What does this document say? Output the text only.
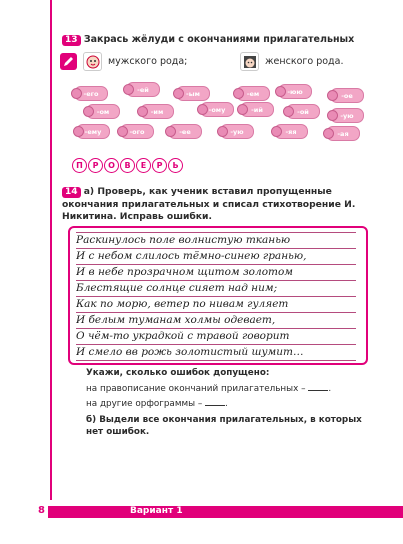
13 Закрась жёлуди с окончаниями прилагательных
мужского рода;	женского рода.
-его	-ей	-ым	-ем	-юю	-ое
-ом	-им	-ому	-ий	-ой	-ую
-ему	-ого	-ее	-ую	-яя	-ая
П	Р	О	В	Е	Р	Ь
14 а) Проверь, как ученик вставил пропущенные окончания прилагательных и списал стихотворение И. Никитина. Исправь ошибки.
Раскинулось поле волнистую тканью
И с небом слилось тёмно-синею гранью,
И в небе прозрачном щитом золотом
Блестящие солнце сияет над ним;
Как по морю, ветер по нивам гуляет
И белым туманам холмы одевает,
О чём-то украдкой с травой говорит
И смело вв рожь золотистый шумит…
Укажи, сколько ошибок допущено:
на правописание окончаний прилагательных –	.
на другие орфограммы –	.
б) Выдели все окончания прилагательных, в которых нет ошибок.
8	Вариант 1
